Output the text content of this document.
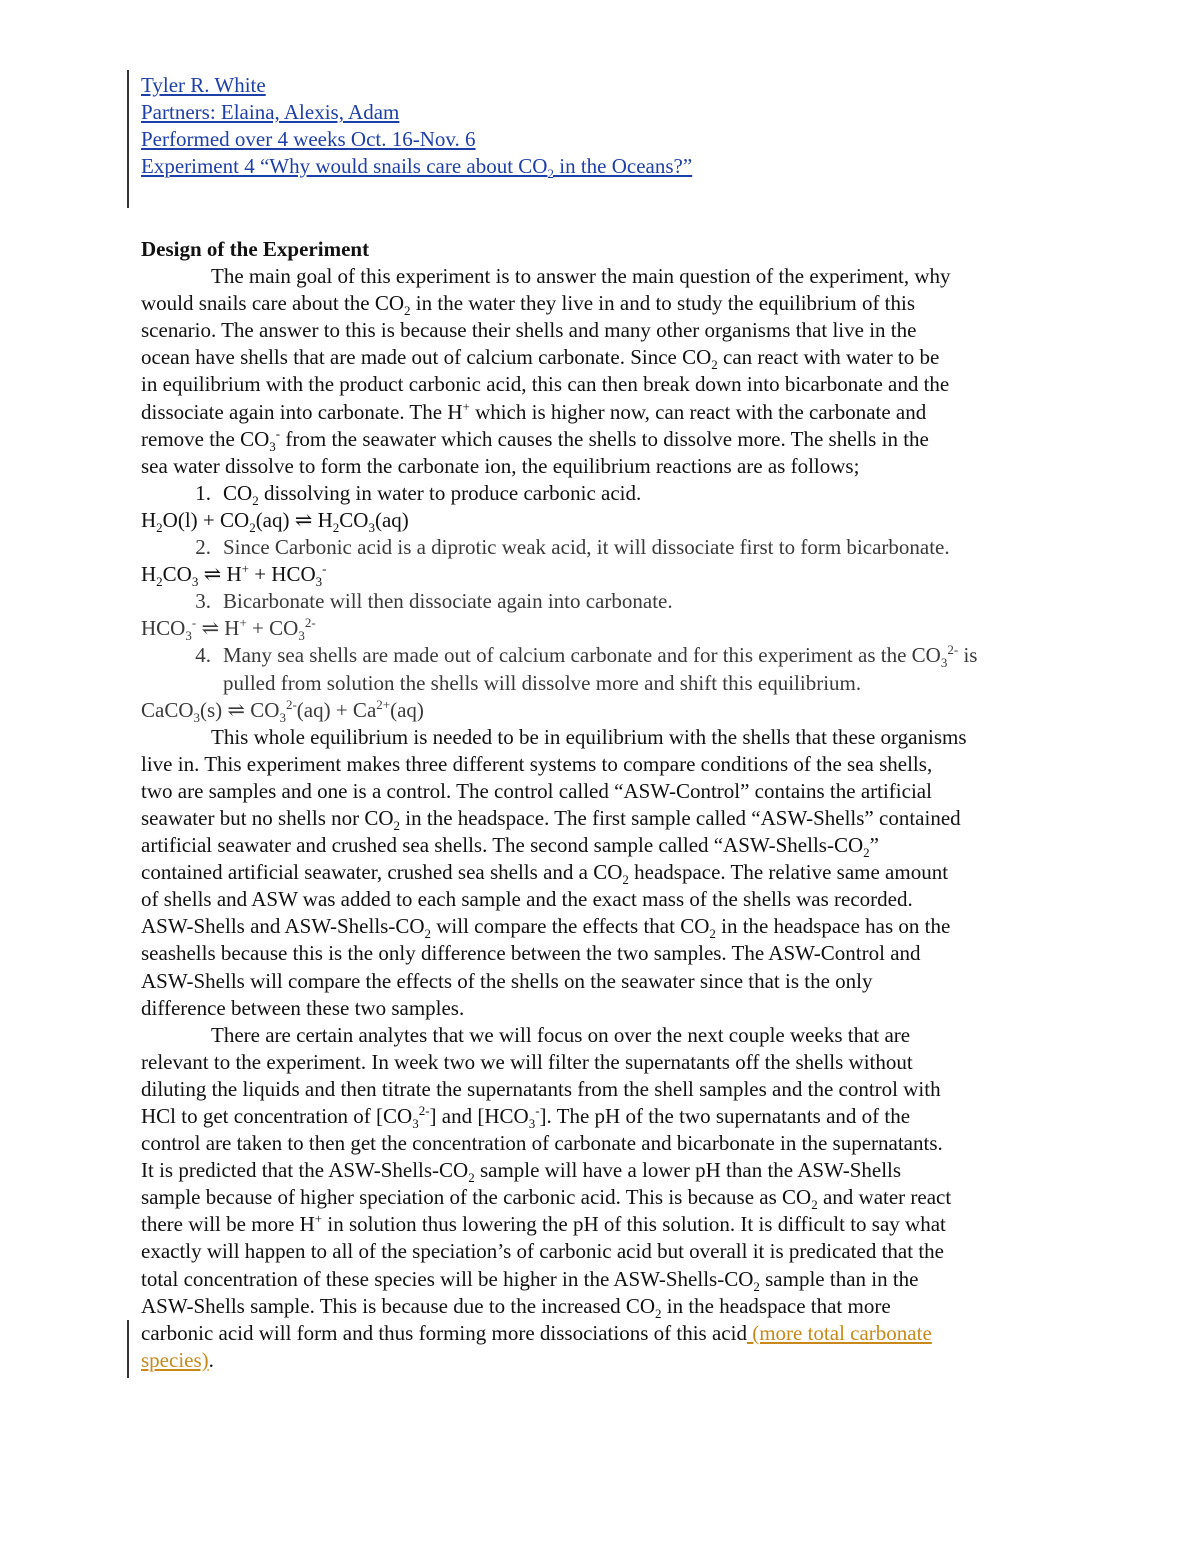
Tyler R. White
Partners: Elaina, Alexis, Adam
Performed over 4 weeks Oct. 16-Nov. 6
Experiment 4 “Why would snails care about $CO_2$ in the Oceans?”
Design of the Experiment
The main goal of this experiment is to answer the main question of the experiment, why
would snails care about the $CO_2$ in the water they live in and to study the equilibrium of this
scenario. The answer to this is because their shells and many other organisms that live in the
ocean have shells that are made out of calcium carbonate. Since $CO_2$ can react with water to be
in equilibrium with the product carbonic acid, this can then break down into bicarbonate and the
dissociate again into carbonate. The H+ which is higher now, can react with the carbonate and
remove the $CO_3^-$ from the seawater which causes the shells to dissolve more. The shells in the
sea water dissolve to form the carbonate ion, the equilibrium reactions are as follows;
1. $CO_2$ dissolving in water to produce carbonic acid.
$H_2O(l) + CO_2(aq)$ ⇌ $H_2CO_3(aq)$
2. Since Carbonic acid is a diprotic weak acid, it will dissociate first to form bicarbonate.
$H_2CO_3$ ⇌ $H^+ + HCO_3^-$
3. Bicarbonate will then dissociate again into carbonate.
$HCO_3^-$ ⇌ $H^+ + CO_3^{2-}$
4. Many sea shells are made out of calcium carbonate and for this experiment as the $CO_3^{2-}$ is
pulled from solution the shells will dissolve more and shift this equilibrium.
CaCO$_3$(s) ⇌ $CO_3^{2-}(aq) + Ca^{2+}(aq)$
This whole equilibrium is needed to be in equilibrium with the shells that these organisms
live in. This experiment makes three different systems to compare conditions of the sea shells,
two are samples and one is a control. The control called “ASW-Control” contains the artificial
seawater but no shells nor $CO_2$ in the headspace. The first sample called “ASW-Shells” contained
artificial seawater and crushed sea shells. The second sample called “$ASW-Shells-CO_2$”
contained artificial seawater, crushed sea shells and a $CO_2$ headspace. The relative same amount
of shells and ASW was added to each sample and the exact mass of the shells was recorded.
ASW-Shells and ASW-$Shells-CO_2$ will compare the effects that $CO_2$ in the headspace has on the
seashells because this is the only difference between the two samples. The ASW-Control and
ASW-Shells will compare the effects of the shells on the seawater since that is the only
difference between these two samples.
There are certain analytes that we will focus on over the next couple weeks that are
relevant to the experiment. In week two we will filter the supernatants off the shells without
diluting the liquids and then titrate the supernatants from the shell samples and the control with
HCl to get concentration of $[CO_3^{2-}]$ and $[HCO_3^-]$. The pH of the two supernatants and of the
control are taken to then get the concentration of carbonate and bicarbonate in the supernatants.
It is predicted that the ASW-$Shells-CO_2$ sample will have a lower pH than the ASW-Shells
sample because of higher speciation of the carbonic acid. This is because as $CO_2$ and water react
there will be more H+ in solution thus lowering the pH of this solution. It is difficult to say what
exactly will happen to all of the speciation’s of carbonic acid but overall it is predicated that the
total concentration of these species will be higher in the ASW-$Shells-CO_2$ sample than in the
ASW-Shells sample. This is because due to the increased $CO_2$ in the headspace that more
carbonic acid will form and thus forming more dissociations of this acid (more total carbonate
species).
